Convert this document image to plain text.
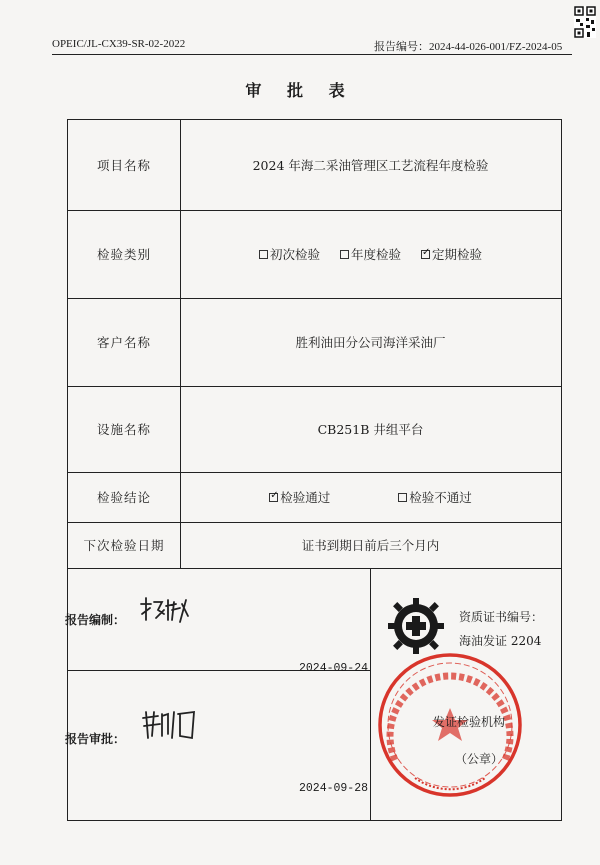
OPEIC/JL-CX39-SR-02-2022	报告编号：2024-44-026-001/FZ-2024-05
审 批 表
项目名称	2024 年海二采油管理区工艺流程年度检验
检验类别	初次检验 年度检验 ✓ 定期检验
客户名称	胜利油田分公司海洋采油厂
设施名称	CB251B 井组平台
检验结论 ✓	检验通过	检验不通过
下次检验日期	证书到期日前后三个月内
报告编制：
2024-09-24
报告审批：
2024-09-28
资质证书编号：
海油发证 2204
发证检验机构
（公章）
